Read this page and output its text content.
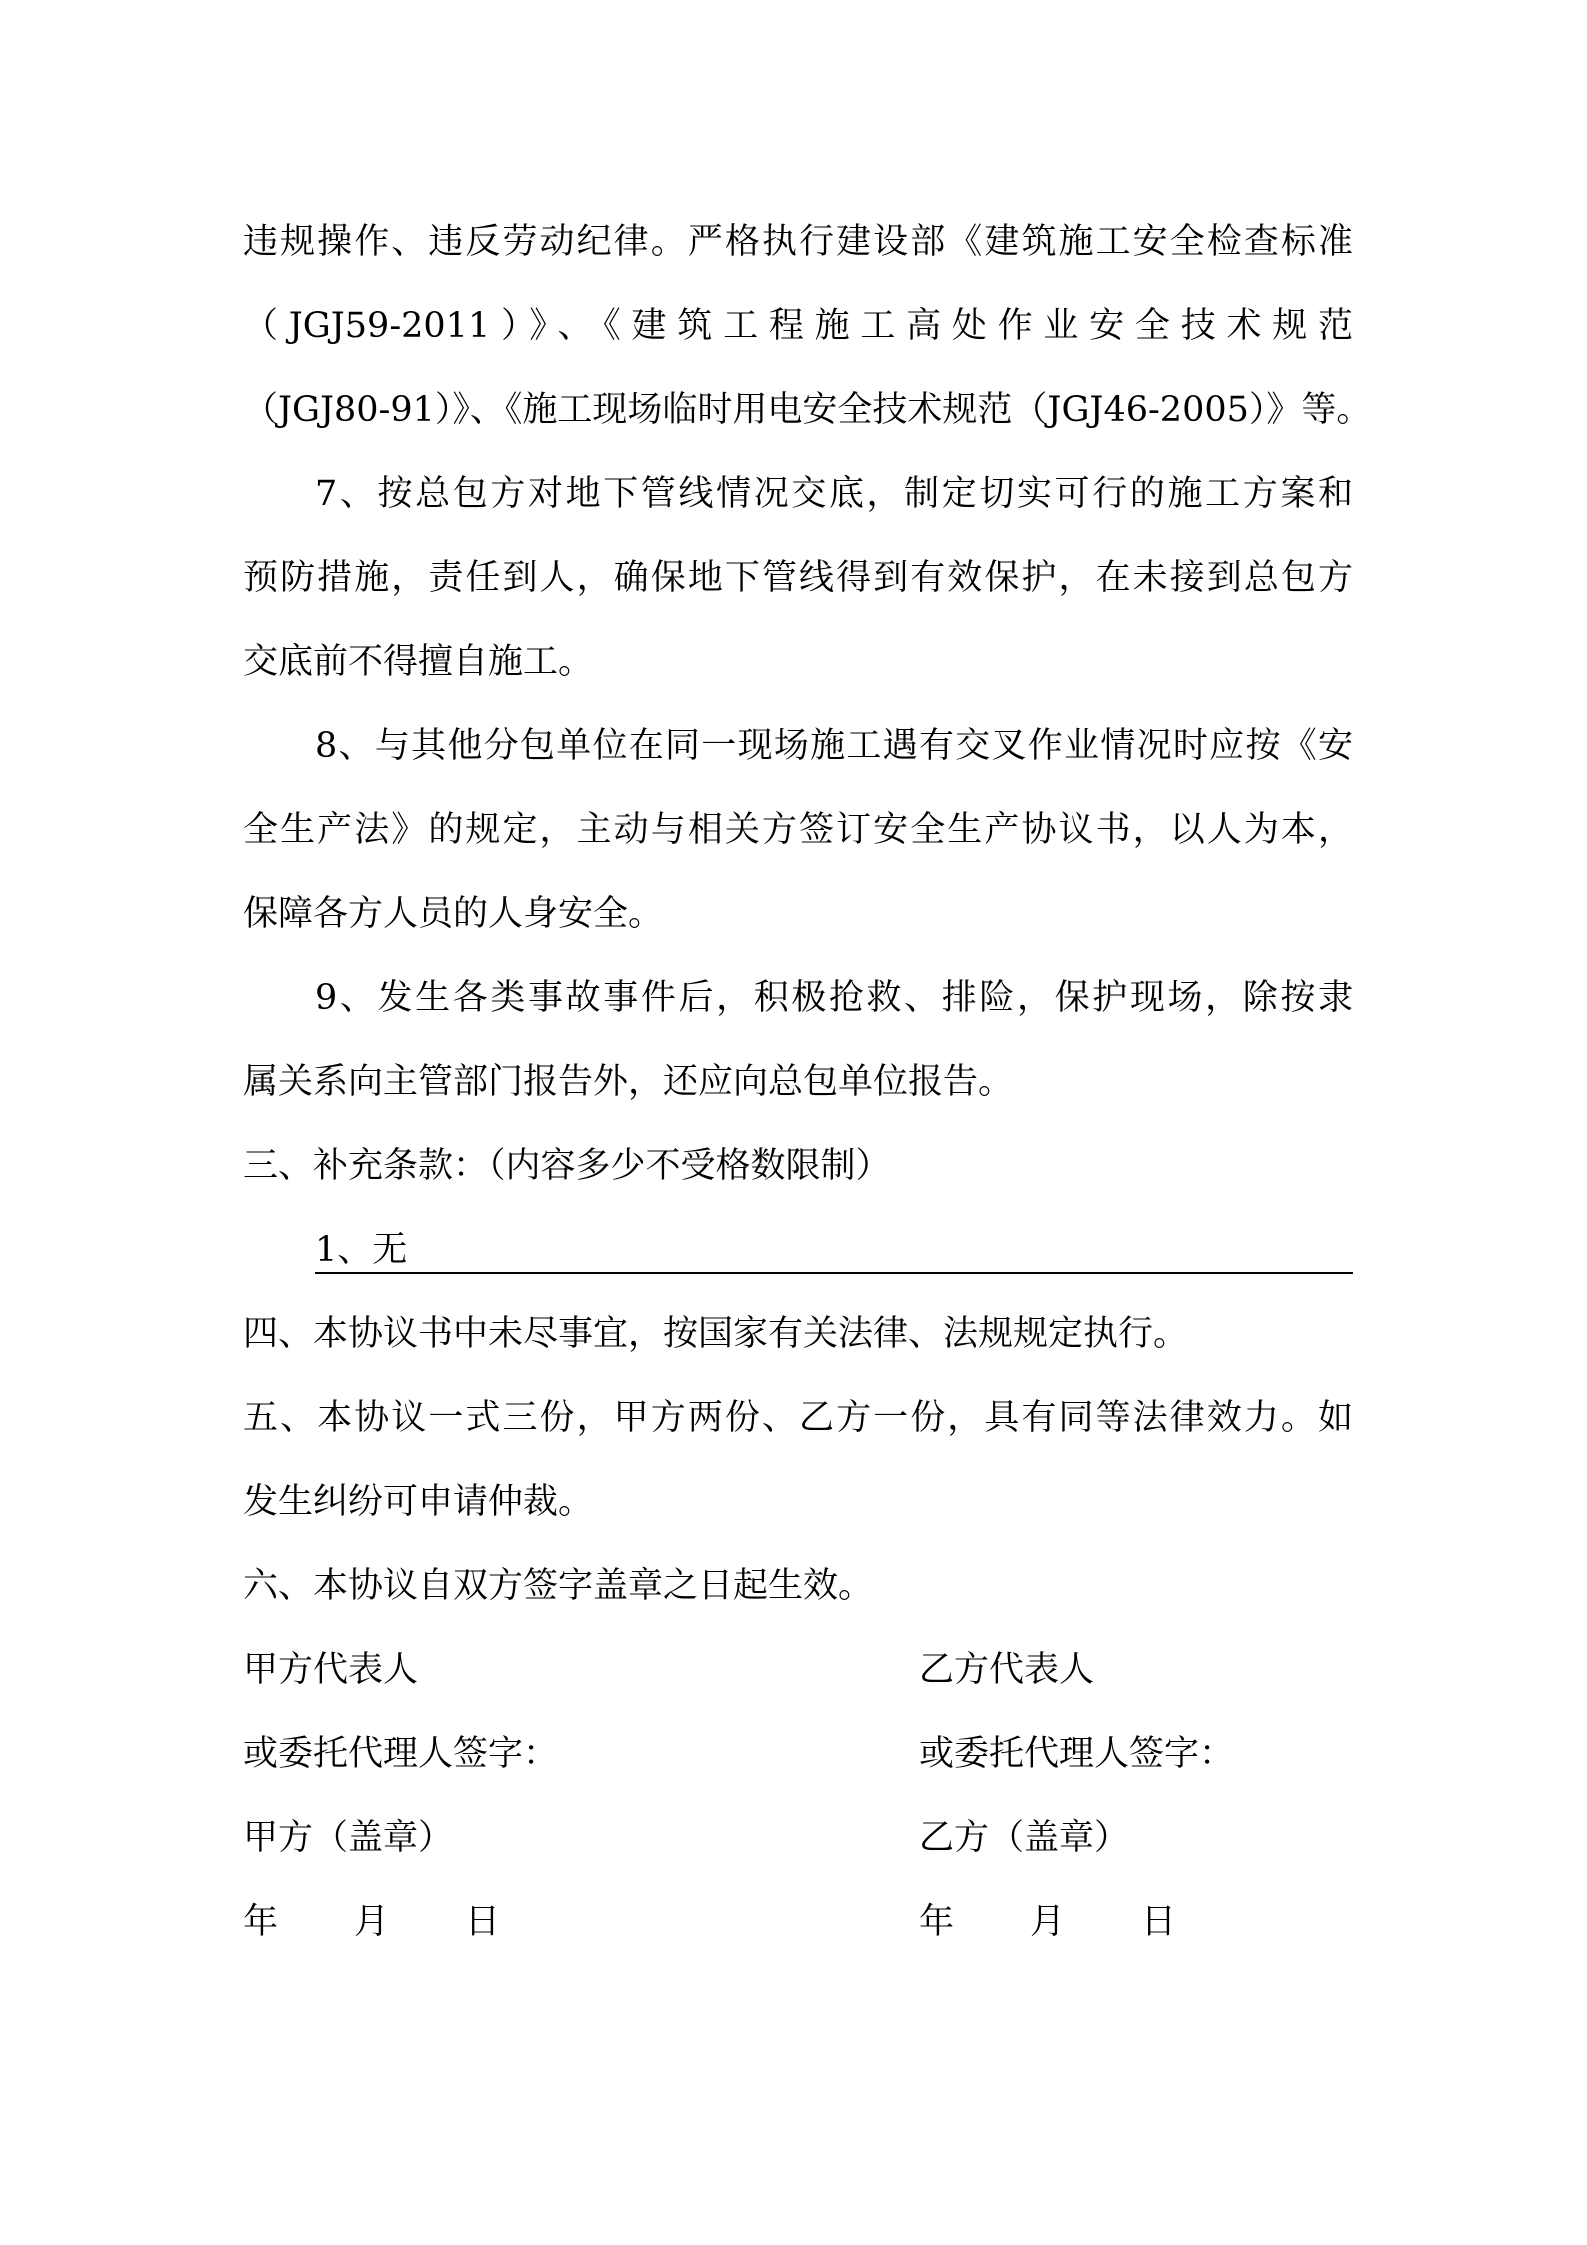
违规操作、违反劳动纪律。严格执行建设部《建筑施工安全检查标准
（JGJ59-2011）》、《建筑工程施工高处作业安全技术规范
（JGJ80-91）》、《施工现场临时用电安全技术规范（JGJ46-2005）》等。
7、按总包方对地下管线情况交底，制定切实可行的施工方案和
预防措施，责任到人，确保地下管线得到有效保护，在未接到总包方
交底前不得擅自施工。
8、与其他分包单位在同一现场施工遇有交叉作业情况时应按《安
全生产法》的规定，主动与相关方签订安全生产协议书，以人为本，
保障各方人员的人身安全。
9、发生各类事故事件后，积极抢救、排险，保护现场，除按隶
属关系向主管部门报告外，还应向总包单位报告。
三、补充条款：（内容多少不受格数限制）
1、无
四、本协议书中未尽事宜，按国家有关法律、法规规定执行。
五、本协议一式三份，甲方两份、乙方一份，具有同等法律效力。如
发生纠纷可申请仲裁。
六、本协议自双方签字盖章之日起生效。
甲方代表人	乙方代表人
或委托代理人签字：	或委托代理人签字：
甲方（盖章）	乙方（盖章）
年 月 日	年 月 日
